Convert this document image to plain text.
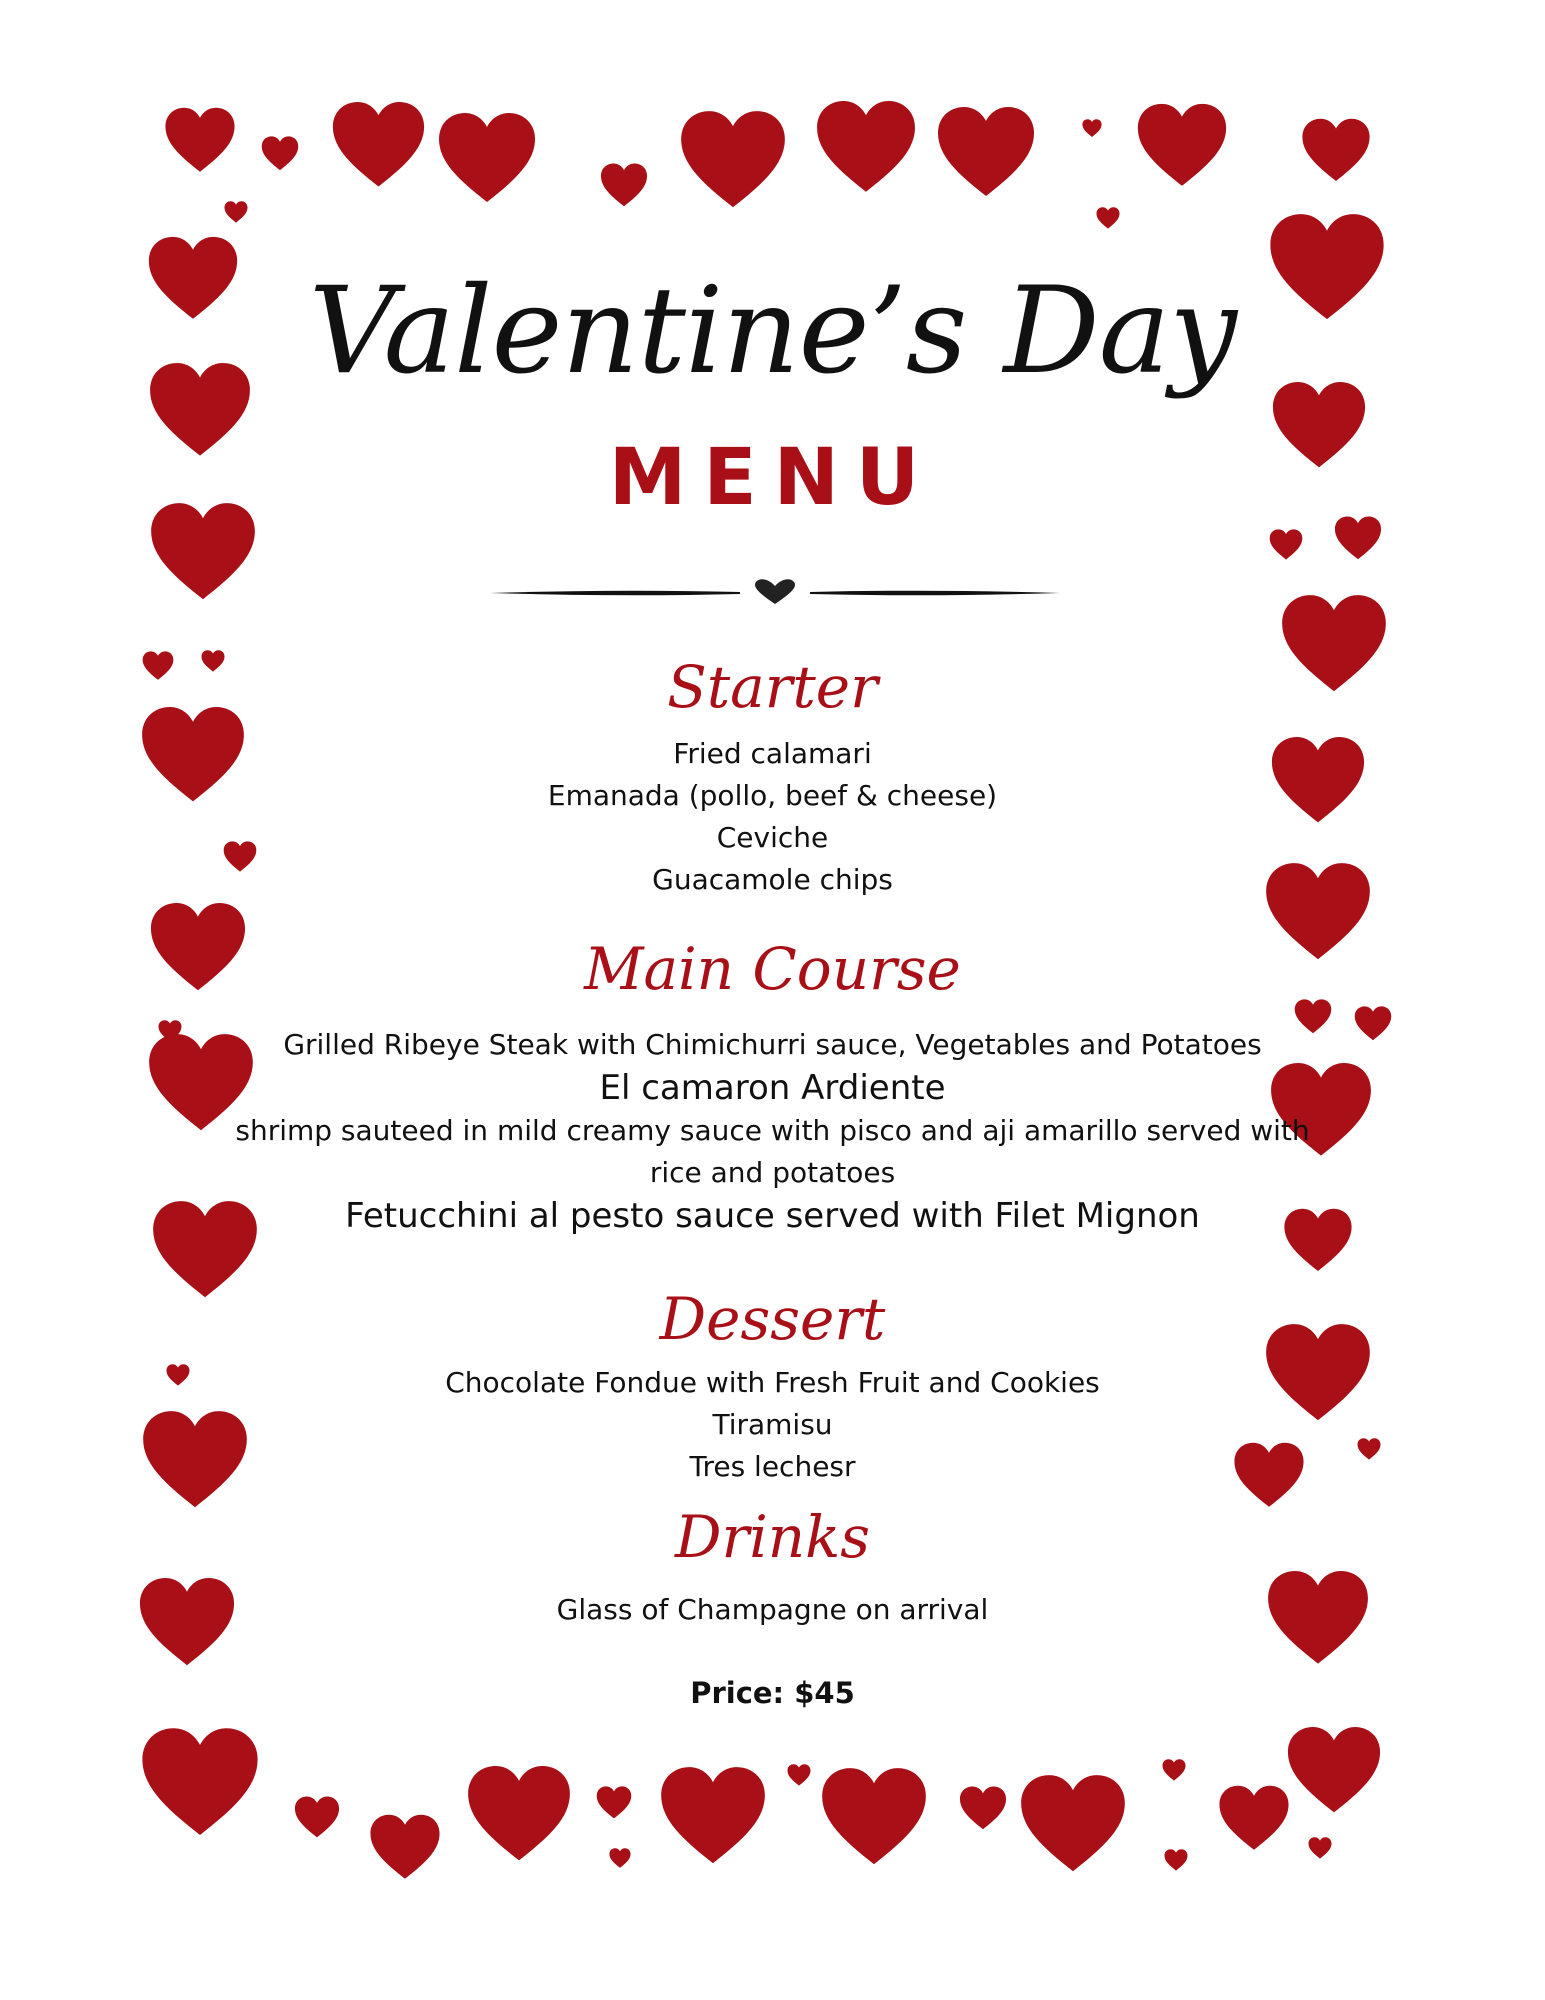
Valentine’s Day
MENU
Starter

Fried calamari

Emanada (pollo, beef & cheese)

Ceviche

Guacamole chips

Main Course

Grilled Ribeye Steak with Chimichurri sauce, Vegetables and Potatoes

El camaron Ardiente

shrimp sauteed in mild creamy sauce with pisco and aji amarillo served with

rice and potatoes

Fetucchini al pesto sauce served with Filet Mignon

Dessert

Chocolate Fondue with Fresh Fruit and Cookies

Tiramisu

Tres lechesr

Drinks

Glass of Champagne on arrival

Price: $45
